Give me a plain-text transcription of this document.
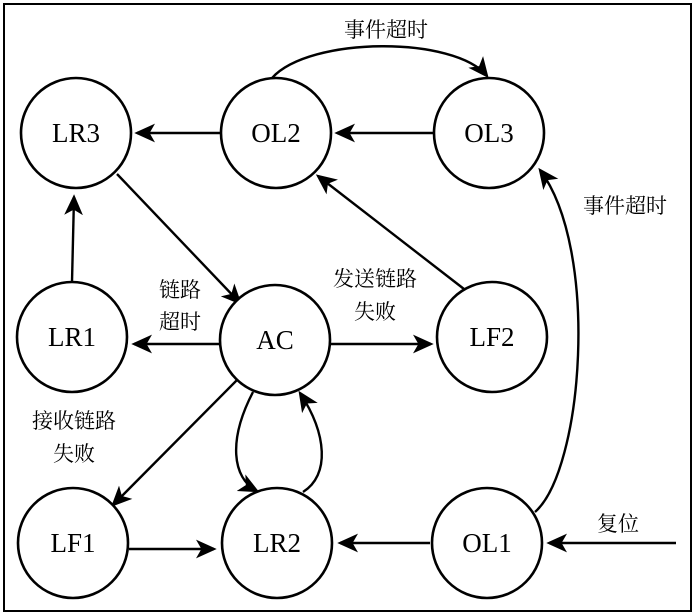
LR3	OL2	OL3
LR1	AC	LF2
LF1	LR2	OL1
事件超时
事件超时
链路
超时
发送链路
失败
接收链路
失败
复位
